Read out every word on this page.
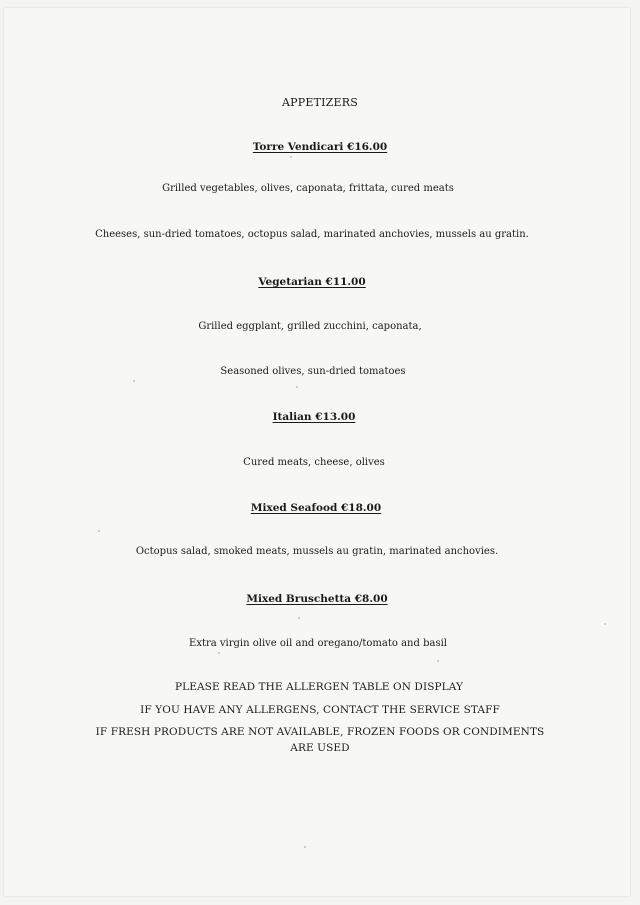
APPETIZERS
Torre Vendicari €16.00
Grilled vegetables, olives, caponata, frittata, cured meats
Cheeses, sun-dried tomatoes, octopus salad, marinated anchovies, mussels au gratin.
Vegetarian €11.00
Grilled eggplant, grilled zucchini, caponata,
Seasoned olives, sun-dried tomatoes
Italian €13.00
Cured meats, cheese, olives
Mixed Seafood €18.00
Octopus salad, smoked meats, mussels au gratin, marinated anchovies.
Mixed Bruschetta €8.00
Extra virgin olive oil and oregano/tomato and basil
PLEASE READ THE ALLERGEN TABLE ON DISPLAY
IF YOU HAVE ANY ALLERGENS, CONTACT THE SERVICE STAFF
IF FRESH PRODUCTS ARE NOT AVAILABLE, FROZEN FOODS OR CONDIMENTS
ARE USED
